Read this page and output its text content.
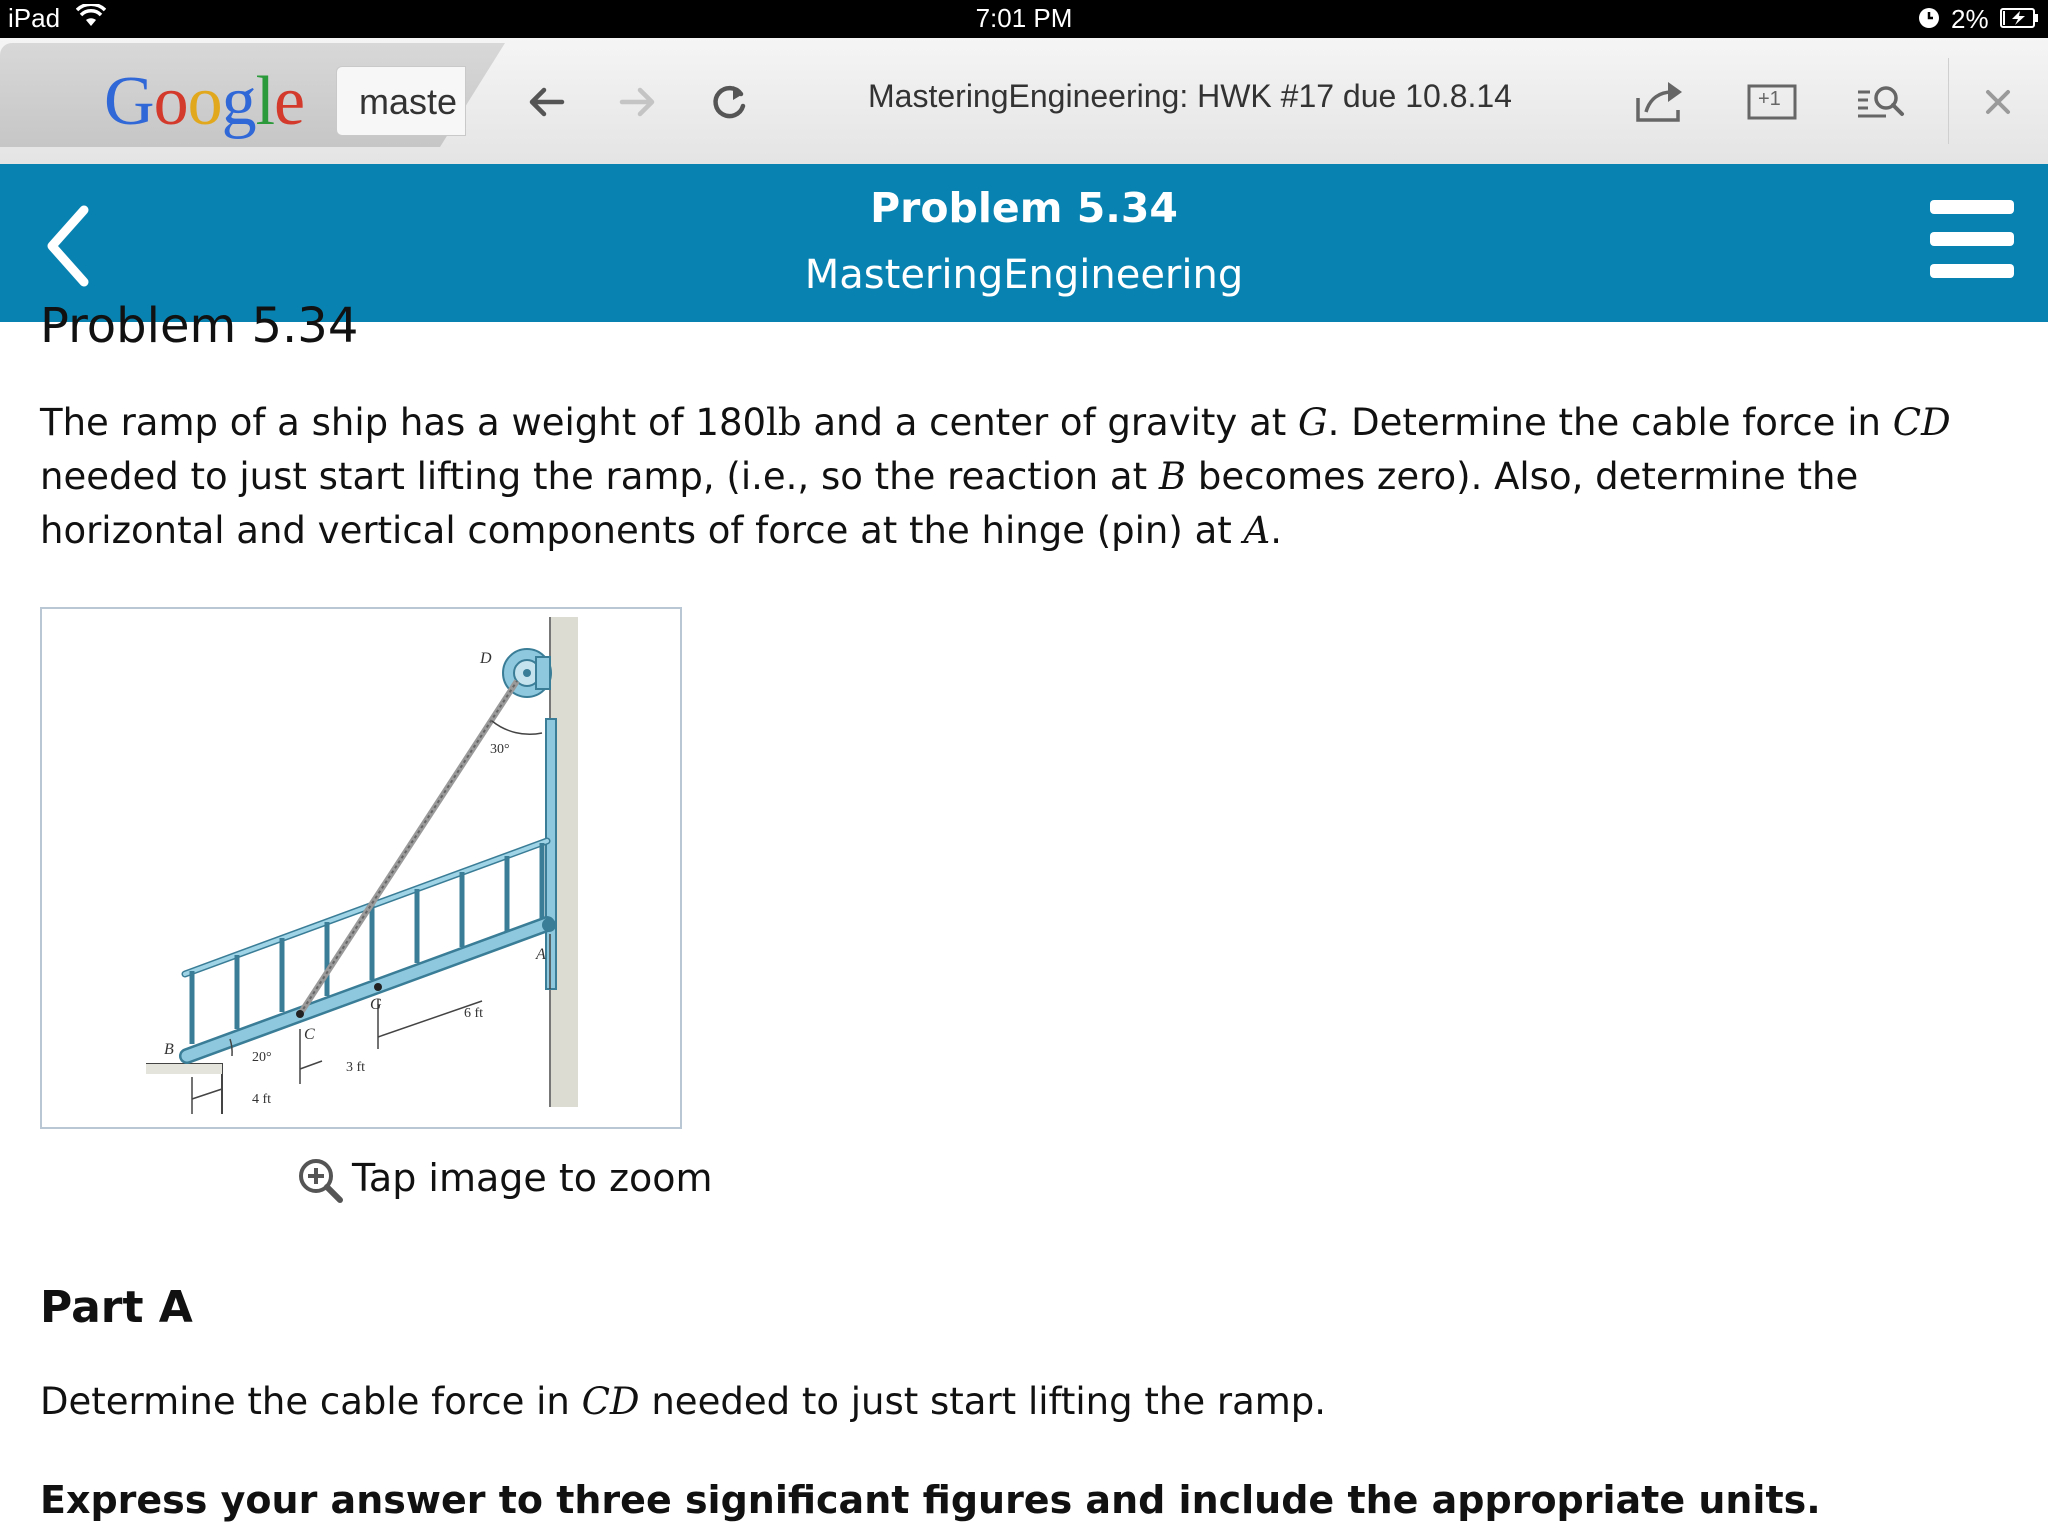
iPad	7:01 PM	2%
Google	maste	MasteringEngineering: HWK #17 due 10.8.14	+1
Problem 5.34
MasteringEngineering
Problem 5.34
The ramp of a ship has a weight of 180lb and a center of gravity at G. Determine the cable force in CD needed to just start lifting the ramp, (i.e., so the reaction at B becomes zero). Also, determine the horizontal and vertical components of force at the hinge (pin) at A.
D
A
B
C
G
30°
20°
4 ft
3 ft
6 ft
Tap image to zoom
Part A
Determine the cable force in CD needed to just start lifting the ramp.
Express your answer to three significant figures and include the appropriate units.
